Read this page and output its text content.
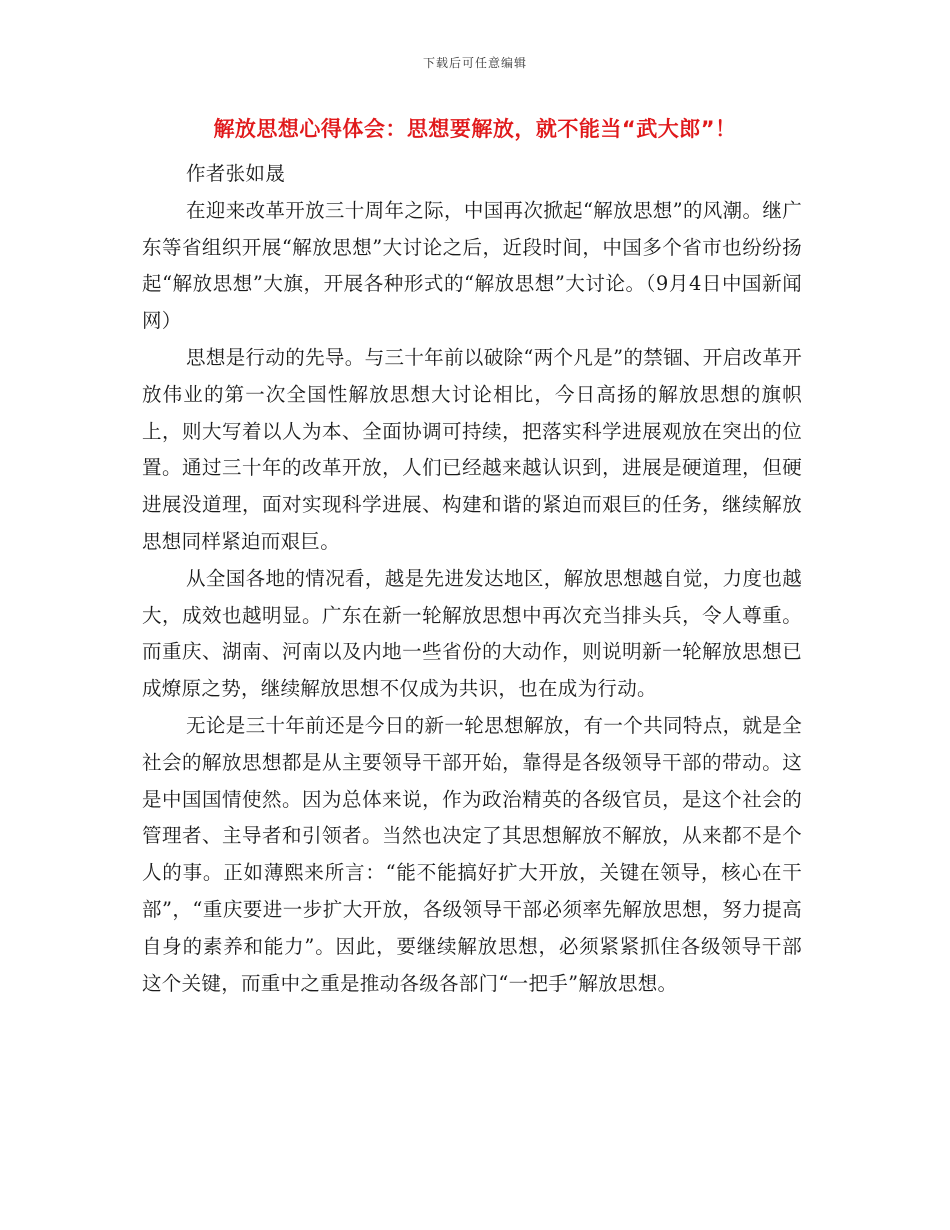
下载后可任意编辑
解放思想心得体会：思想要解放，就不能当“武大郎”！

作者张如晟

在迎来改革开放三十周年之际，中国再次掀起“解放思想”的风潮。继广东等省组织开展“解放思想”大讨论之后，近段时间，中国多个省市也纷纷扬起“解放思想”大旗，开展各种形式的“解放思想”大讨论。（9月4日中国新闻网）

思想是行动的先导。与三十年前以破除“两个凡是”的禁锢、开启改革开放伟业的第一次全国性解放思想大讨论相比，今日高扬的解放思想的旗帜上，则大写着以人为本、全面协调可持续，把落实科学进展观放在突出的位置。通过三十年的改革开放，人们已经越来越认识到，进展是硬道理，但硬进展没道理，面对实现科学进展、构建和谐的紧迫而艰巨的任务，继续解放思想同样紧迫而艰巨。

从全国各地的情况看，越是先进发达地区，解放思想越自觉，力度也越大，成效也越明显。广东在新一轮解放思想中再次充当排头兵，令人尊重。而重庆、湖南、河南以及内地一些省份的大动作，则说明新一轮解放思想已成燎原之势，继续解放思想不仅成为共识，也在成为行动。

无论是三十年前还是今日的新一轮思想解放，有一个共同特点，就是全社会的解放思想都是从主要领导干部开始，靠得是各级领导干部的带动。这是中国国情使然。因为总体来说，作为政治精英的各级官员，是这个社会的管理者、主导者和引领者。当然也决定了其思想解放不解放，从来都不是个人的事。正如薄熙来所言：“能不能搞好扩大开放，关键在领导，核心在干部”，“重庆要进一步扩大开放，各级领导干部必须率先解放思想，努力提高自身的素养和能力”。因此，要继续解放思想，必须紧紧抓住各级领导干部这个关键，而重中之重是推动各级各部门“一把手”解放思想。
